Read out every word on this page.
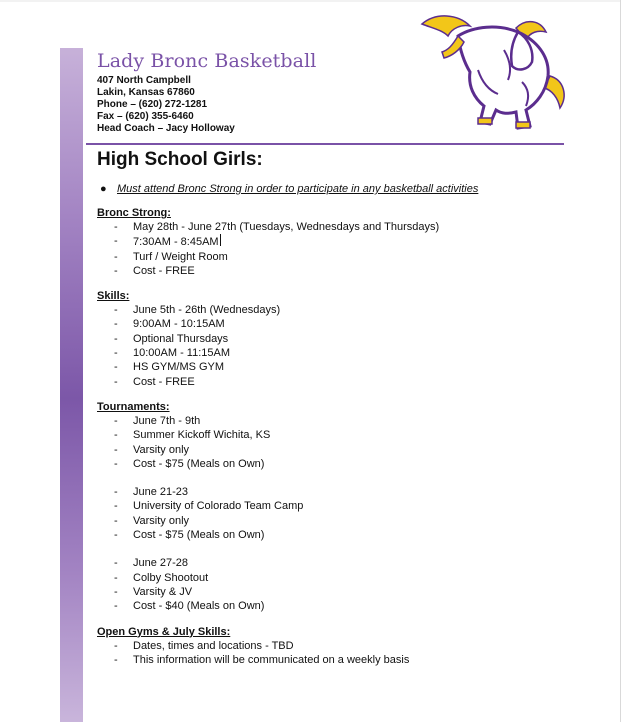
Lady Bronc Basketball
407 North Campbell
Lakin, Kansas 67860
Phone – (620) 272-1281
Fax – (620) 355-6460
Head Coach – Jacy Holloway
High School Girls:
● Must attend Bronc Strong in order to participate in any basketball activities
Bronc Strong:
- May 28th - June 27th (Tuesdays, Wednesdays and Thursdays)
- 7:30AM - 8:45AM
- Turf / Weight Room
- Cost - FREE
Skills:
- June 5th - 26th (Wednesdays)
- 9:00AM - 10:15AM
- Optional Thursdays
- 10:00AM - 11:15AM
- HS GYM/MS GYM
- Cost - FREE
Tournaments:
- June 7th - 9th
- Summer Kickoff Wichita, KS
- Varsity only
- Cost - $75 (Meals on Own)
- June 21-23
- University of Colorado Team Camp
- Varsity only
- Cost - $75 (Meals on Own)
- June 27-28
- Colby Shootout
- Varsity & JV
- Cost - $40 (Meals on Own)
Open Gyms & July Skills:
- Dates, times and locations - TBD
- This information will be communicated on a weekly basis
